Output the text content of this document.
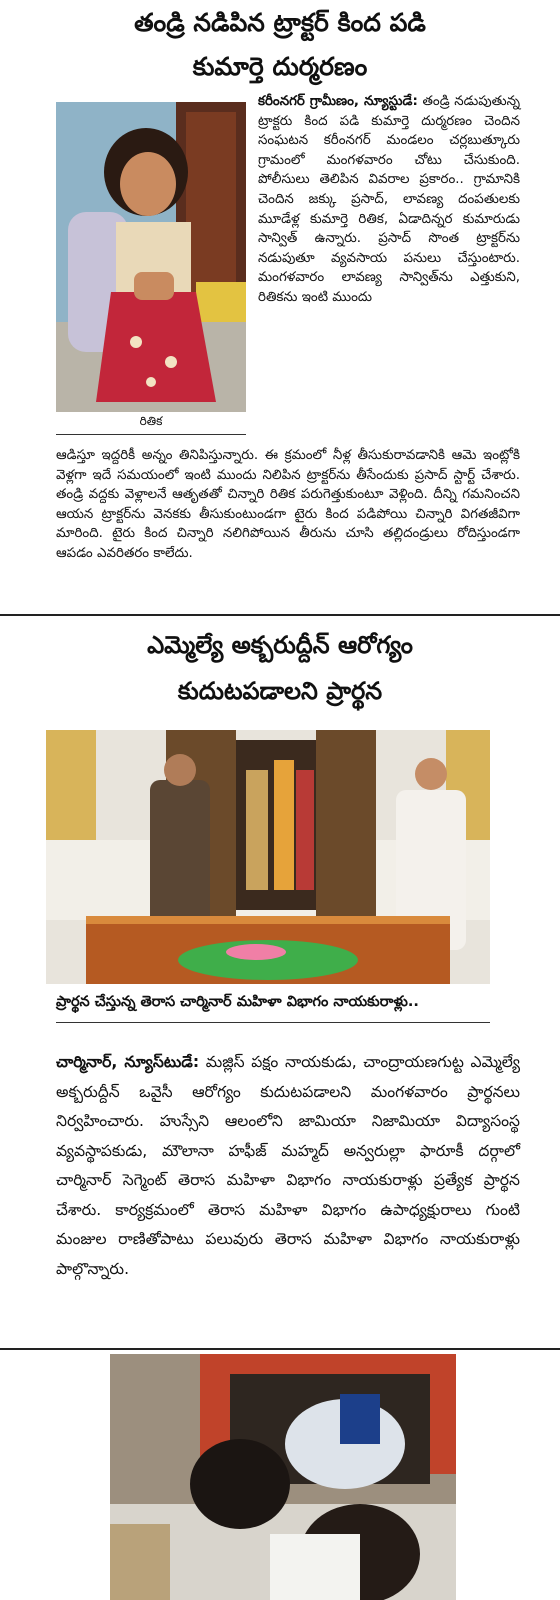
తండ్రి నడిపిన ట్రాక్టర్ కింద పడి
కుమార్తె దుర్మరణం
రితిక

కరీంనగర్ గ్రామీణం, న్యూస్టుడే: తండ్రి నడుపుతున్న ట్రాక్టరు కింద పడి కుమార్తె దుర్మరణం చెందిన సంఘటన కరీంనగర్ మండలం చర్లబుత్కూరు గ్రామంలో మంగళవారం చోటు చేసుకుంది. పోలీసులు తెలిపిన వివరాల ప్రకారం.. గ్రామానికి చెందిన జక్కు ప్రసాద్, లావణ్య దంపతులకు మూడేళ్ల కుమార్తె రితిక, ఏడాదిన్నర కుమారుడు సాన్విత్ ఉన్నారు. ప్రసాద్ సొంత ట్రాక్టర్‌ను నడుపుతూ వ్యవసాయ పనులు చేస్తుంటారు. మంగళవారం లావణ్య సాన్విత్‌ను ఎత్తుకుని, రితికను ఇంటి ముందు

ఆడిస్తూ ఇద్దరికీ అన్నం తినిపిస్తున్నారు. ఈ క్రమంలో నీళ్ల తీసుకురావడానికి ఆమె ఇంట్లోకి వెళ్లగా ఇదే సమయంలో ఇంటి ముందు నిలిపిన ట్రాక్టర్‌ను తీసేందుకు ప్రసాద్ స్టార్ట్ చేశారు. తండ్రి వద్దకు వెళ్లాలనే ఆతృతతో చిన్నారి రితిక పరుగెత్తుకుంటూ వెళ్లింది. దీన్ని గమనించని ఆయన ట్రాక్టర్‌ను వెనకకు తీసుకుంటుండగా టైరు కింద పడిపోయి చిన్నారి విగతజీవిగా మారింది. టైరు కింద చిన్నారి నలిగిపోయిన తీరును చూసి తల్లిదండ్రులు రోదిస్తుండగా ఆపడం ఎవరితరం కాలేదు.

ఎమ్మెల్యే అక్బరుద్దీన్ ఆరోగ్యం
కుదుటపడాలని ప్రార్థన
ప్రార్థన చేస్తున్న తెరాస చార్మినార్ మహిళా విభాగం నాయకురాళ్లు..

చార్మినార్, న్యూస్‌టుడే: మజ్లిస్ పక్షం నాయకుడు, చాంద్రాయణగుట్ట ఎమ్మెల్యే అక్బరుద్దీన్ ఒవైసీ ఆరోగ్యం కుదుటపడాలని మంగళవారం ప్రార్థనలు నిర్వహించారు. హుస్సేని ఆలంలోని జామియా నిజామియా విద్యాసంస్థ వ్యవస్థాపకుడు, మౌలానా హఫీజ్ మహ్మద్ అన్వరుల్లా ఫారూకీ దర్గాలో చార్మినార్ సెగ్మెంట్ తెరాస మహిళా విభాగం నాయకురాళ్లు ప్రత్యేక ప్రార్థన చేశారు. కార్యక్రమంలో తెరాస మహిళా విభాగం ఉపాధ్యక్షురాలు గుంటి మంజుల రాణితోపాటు పలువురు తెరాస మహిళా విభాగం నాయకురాళ్లు పాల్గొన్నారు.
